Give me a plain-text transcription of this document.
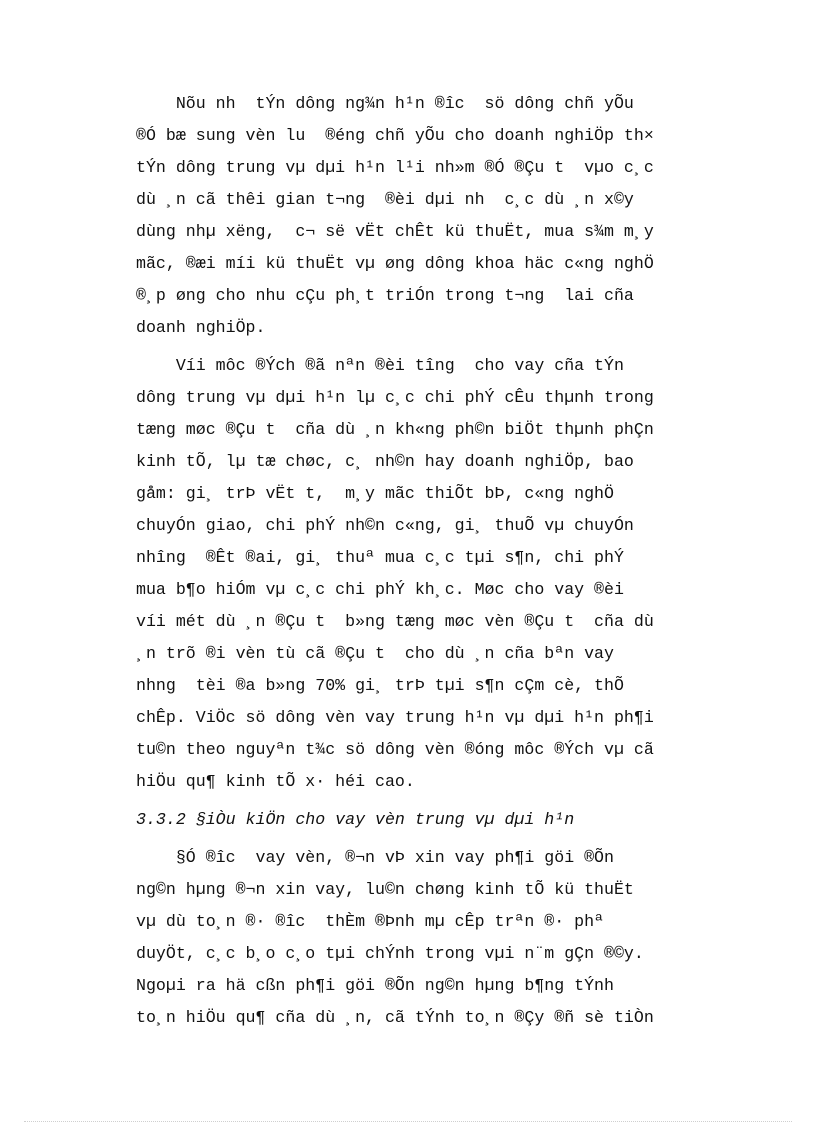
Nõu nh  tÝn dông ng¾n h¹n ®îc  sö dông chñ yÕu
®Ó bæ sung vèn lu  ®éng chñ yÕu cho doanh nghiÖp th×
tÝn dông trung vµ dµi h¹n l¹i nh»m ®Ó ®Çu t  vµo c¸c
dù ¸n cã thêi gian t¬ng  ®èi dµi nh  c¸c dù ¸n x©y
dùng nhµ xëng,  c¬ së vËt chÊt kü thuËt, mua s¾m m¸y
mãc, ®æi míi kü thuËt vµ øng dông khoa häc c«ng nghÖ
®¸p øng cho nhu cÇu ph¸t triÓn trong t¬ng  lai cña
doanh nghiÖp.
Víi môc ®Ých ®ã nªn ®èi tîng  cho vay cña tÝn
dông trung vµ dµi h¹n lµ c¸c chi phÝ cÊu thµnh trong
tæng møc ®Çu t  cña dù ¸n kh«ng ph©n biÖt thµnh phÇn
kinh tÕ, lµ tæ chøc, c¸ nh©n hay doanh nghiÖp, bao
gåm: gi¸ trÞ vËt t,  m¸y mãc thiÕt bÞ, c«ng nghÖ
chuyÓn giao, chi phÝ nh©n c«ng, gi¸ thuÕ vµ chuyÓn
nhîng  ®Êt ®ai, gi¸ thuª mua c¸c tµi s¶n, chi phÝ
mua b¶o hiÓm vµ c¸c chi phÝ kh¸c. Møc cho vay ®èi
víi mét dù ¸n ®Çu t  b»ng tæng møc vèn ®Çu t  cña dù
¸n trõ ®i vèn tù cã ®Çu t  cho dù ¸n cña bªn vay
nhng  tèi ®a b»ng 70% gi¸ trÞ tµi s¶n cÇm cè, thÕ
chÊp. ViÖc sö dông vèn vay trung h¹n vµ dµi h¹n ph¶i
tu©n theo nguyªn t¾c sö dông vèn ®óng môc ®Ých vµ cã
hiÖu qu¶ kinh tÕ x· héi cao.
3.3.2 §iÒu kiÖn cho vay vèn trung vµ dµi h¹n
§Ó ®îc  vay vèn, ®¬n vÞ xin vay ph¶i göi ®Õn
ng©n hµng ®¬n xin vay, lu©n chøng kinh tÕ kü thuËt
vµ dù to¸n ®· ®îc  thÈm ®Þnh mµ cÊp trªn ®· phª
duyÖt, c¸c b¸o c¸o tµi chÝnh trong vµi n¨m gÇn ®©y.
Ngoµi ra hä cßn ph¶i göi ®Õn ng©n hµng b¶ng tÝnh
to¸n hiÖu qu¶ cña dù ¸n, cã tÝnh to¸n ®Çy ®ñ sè tiÒn
